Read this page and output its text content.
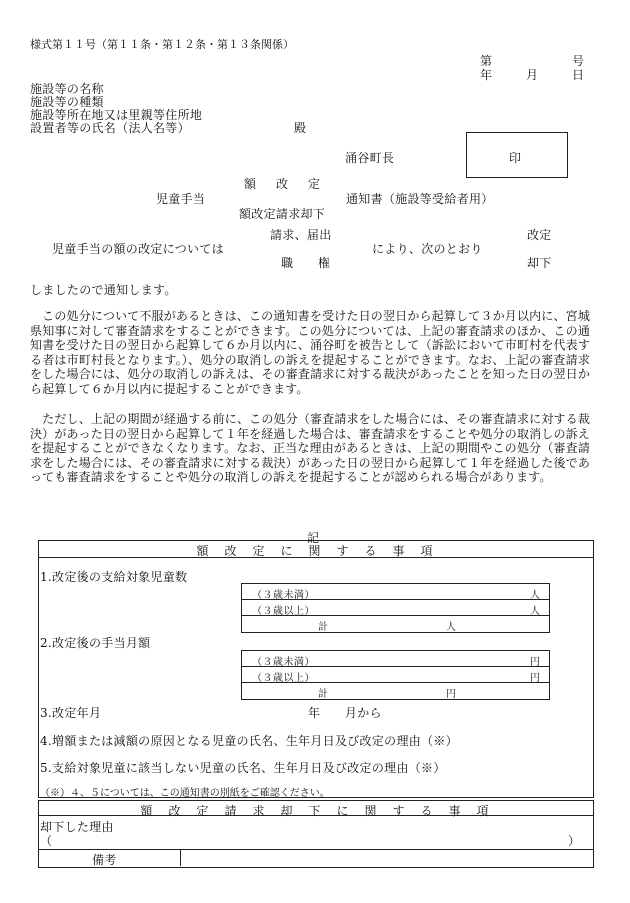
様式第１１号（第１１条・第１２条・第１３条関係）
第	号
年	月	日
施設等の名称
施設等の種類
施設等所在地又は里親等住所地
設置者等の氏名（法人名等）	殿
涌谷町長	印
額　改　定
児童手当	通知書（施設等受給者用）
額改定請求却下
請求、届出
児童手当の額の改定については	により、次のとおり
改定
職　　権	却下
しましたので通知します。
　この処分について不服があるときは、この通知書を受けた日の翌日から起算して３か月以内に、宮城県知事に対して審査請求をすることができます。この処分については、上記の審査請求のほか、この通知書を受けた日の翌日から起算して６か月以内に、涌谷町を被告として（訴訟において市町村を代表する者は市町村長となります。）、処分の取消しの訴えを提起することができます。なお、上記の審査請求をした場合には、処分の取消しの訴えは、その審査請求に対する裁決があったことを知った日の翌日から起算して６か月以内に提起することができます。
　ただし、上記の期間が経過する前に、この処分（審査請求をした場合には、その審査請求に対する裁決）があった日の翌日から起算して１年を経過した場合は、審査請求をすることや処分の取消しの訴えを提起することができなくなります。なお、正当な理由があるときは、上記の期間やこの処分（審査請求をした場合には、その審査請求に対する裁決）があった日の翌日から起算して１年を経過した後であっても審査請求をすることや処分の取消しの訴えを提起することが認められる場合があります。
記
額　改　定　に　関　す　る　事　項
1.改定後の支給対象児童数
（３歳未満）	人
（３歳以上）	人
計	人
2.改定後の手当月額
（３歳未満）	円
（３歳以上）	円
計	円
3.改定年月	年　　月から
4.増額または減額の原因となる児童の氏名、生年月日及び改定の理由（※）
5.支給対象児童に該当しない児童の氏名、生年月日及び改定の理由（※）
（※）４、５については、この通知書の別紙をご確認ください。
額　改　定　請　求　却　下　に　関　す　る　事　項
却下した理由
（	）
備考
